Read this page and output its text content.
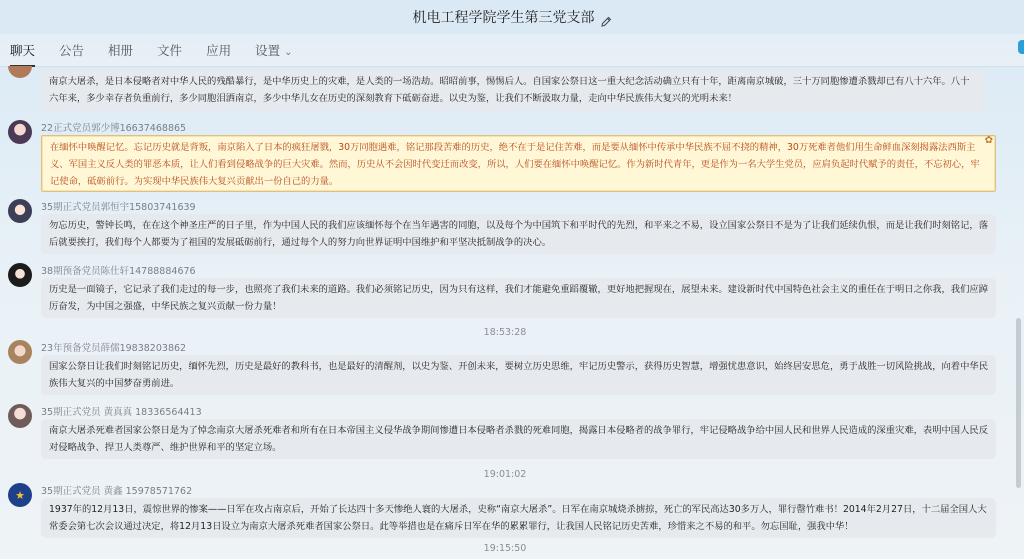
机电工程学院学生第三党支部
聊天 公告 相册 文件 应用 设置 ⌄
南京大屠杀，是日本侵略者对中华人民的残酷暴行，是中华历史上的灾难，是人类的一场浩劫。昭昭前事，惕惕后人。自国家公祭日这一重大纪念活动确立只有十年，距离南京城破，三十万同胞惨遭杀戮却已有八十六年。八十六年来，多少幸存者负重前行，多少同胞泪洒南京，多少中华儿女在历史的深刻教育下砥砺奋进。以史为鉴，让我们不断汲取力量，走向中华民族伟大复兴的光明未来！
22正式党员郭少博16637468865
在缅怀中唤醒记忆。忘记历史就是背叛，南京陷入了日本的疯狂屠戮，30万同胞遇难，铭记那段苦难的历史，绝不在于是记住苦难，而是要从缅怀中传承中华民族不屈不挠的精神，30万死难者他们用生命鲜血深刻揭露法西斯主义、军国主义反人类的罪恶本质，让人们看到侵略战争的巨大灾难。然而，历史从不会因时代变迁而改变，所以，人们要在缅怀中唤醒记忆。作为新时代青年，更是作为一名大学生党员，应肩负起时代赋予的责任，不忘初心，牢记使命，砥砺前行。为实现中华民族伟大复兴贡献出一份自己的力量。
✿
35期正式党员郭恒宇15803741639
勿忘历史，警钟长鸣，在在这个神圣庄严的日子里，作为中国人民的我们应该缅怀每个在当年遇害的同胞，以及每个为中国筑下和平时代的先烈，和平来之不易，设立国家公祭日不是为了让我们延续仇恨，而是让我们时刻铭记，落后就要挨打，我们每个人都要为了祖国的发展砥砺前行，通过每个人的努力向世界证明中国维护和平坚决抵制战争的决心。
38期预备党员陈仕轩14788884676
历史是一面镜子，它记录了我们走过的每一步，也照亮了我们未来的道路。我们必须铭记历史，因为只有这样，我们才能避免重蹈覆辙，更好地把握现在，展望未来。建设新时代中国特色社会主义的重任在于明日之你我，我们应踔厉奋发，为中国之强盛，中华民族之复兴贡献一份力量！
18:53:28
23年预备党员薛儒19838203862
国家公祭日让我们时刻铭记历史，缅怀先烈，历史是最好的教科书，也是最好的清醒剂，以史为鉴、开创未来，要树立历史思维，牢记历史警示，获得历史智慧，增强忧患意识，始终居安思危，勇于战胜一切风险挑战，向着中华民族伟大复兴的中国梦奋勇前进。
35期正式党员 黄真真 18336564413
南京大屠杀死难者国家公祭日是为了悼念南京大屠杀死难者和所有在日本帝国主义侵华战争期间惨遭日本侵略者杀戮的死难同胞，揭露日本侵略者的战争罪行，牢记侵略战争给中国人民和世界人民造成的深重灾难，表明中国人民反对侵略战争、捍卫人类尊严、维护世界和平的坚定立场。
19:01:02
★	35期正式党员 黄鑫 15978571762
1937年的12月13日，震惊世界的惨案——日军在攻占南京后，开始了长达四十多天惨绝人寰的大屠杀，史称“南京大屠杀”。日军在南京城烧杀掳掠，死亡的军民高达30多万人，罪行罄竹难书！2014年2月27日，十二届全国人大常委会第七次会议通过决定，将12月13日设立为南京大屠杀死难者国家公祭日。此等举措也是在痛斥日军在华的累累罪行，让我国人民铭记历史苦难，珍惜来之不易的和平。勿忘国耻，强我中华！
19:15:50
